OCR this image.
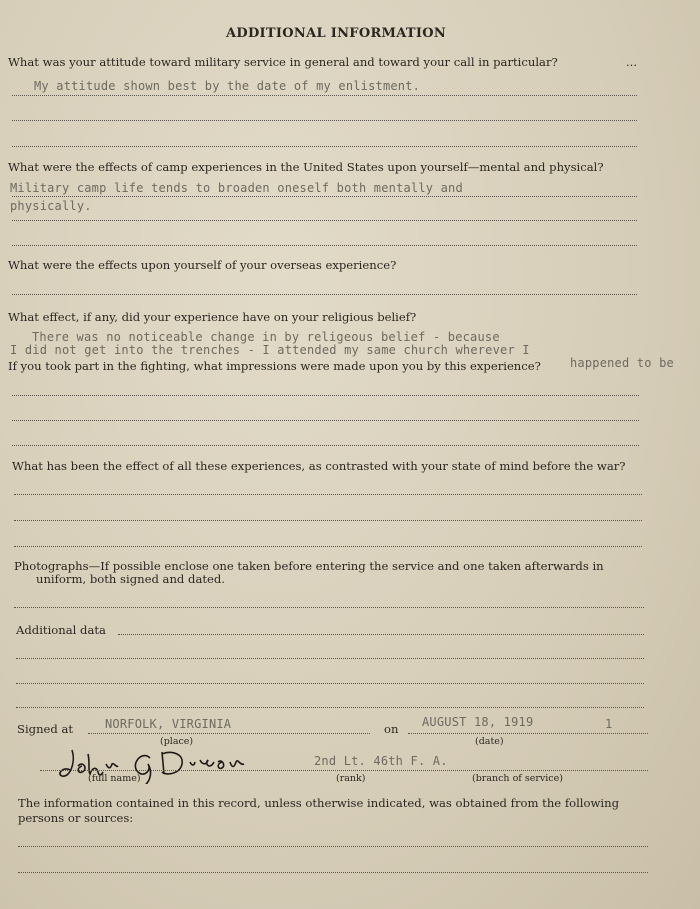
ADDITIONAL INFORMATION
What was your attitude toward military service in general and toward your call in particular?	...
My attitude shown best by the date of my enlistment.
What were the effects of camp experiences in the United States upon yourself—mental and physical?
Military camp life tends to broaden oneself both mentally and
physically.
What were the effects upon yourself of your overseas experience?
What effect, if any, did your experience have on your religious belief?
There was no noticeable change in by religeous belief - because
I did not get into the trenches - I attended my same church wherever I
happened to be
If you took part in the fighting, what impressions were made upon you by this experience?
What has been the effect of all these experiences, as contrasted with your state of mind before the war?
Photographs—If possible enclose one taken before entering the service and one taken afterwards in
uniform, both signed and dated.
Additional data
Signed at	NORFOLK, VIRGINIA	on AUGUST 18, 1919	1
(place)	(date)
2nd Lt. 46th F. A.
(full name)	(rank)	(branch of service)
The information contained in this record, unless otherwise indicated, was obtained from the following
persons or sources:
